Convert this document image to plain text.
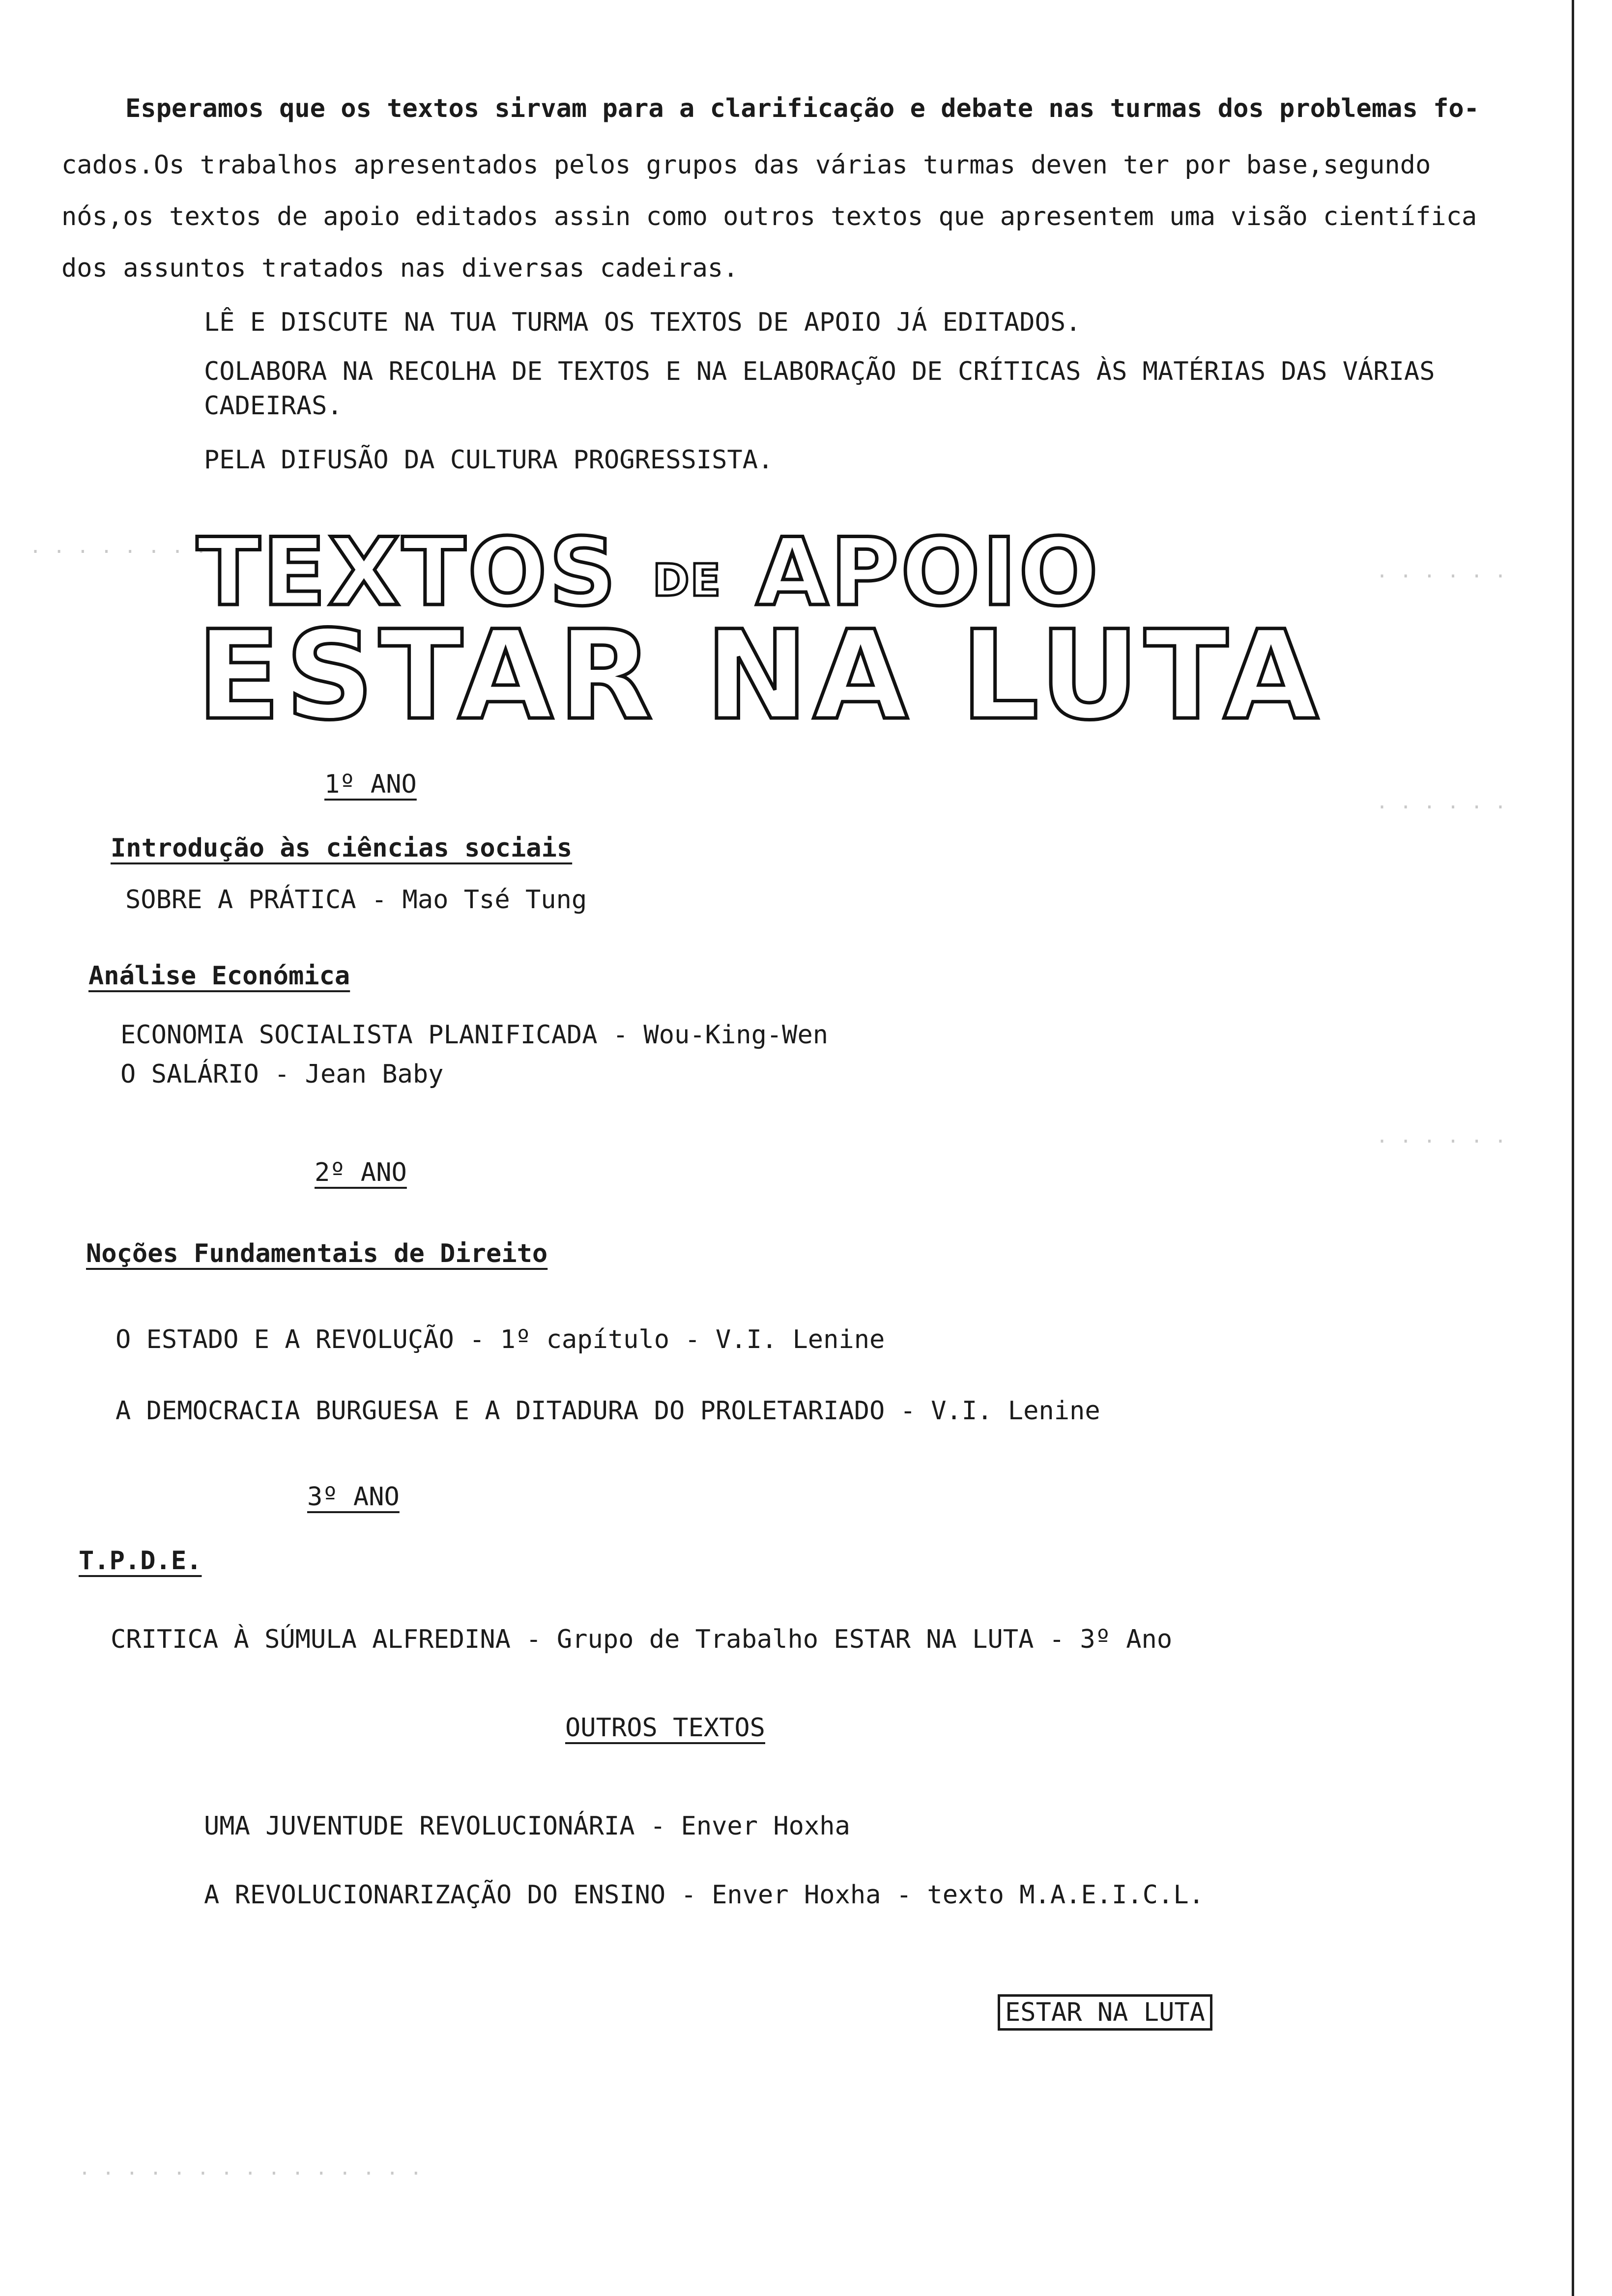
· · · · · · · · ·
· · · · · ·
· · · · · ·
· · · · · ·
· · · · · · · · · · · · · · ·
Esperamos que os textos sirvam para a clarificação e debate nas turmas dos problemas fo-
cados.Os trabalhos apresentados pelos grupos das várias turmas deven ter por base,segundo
nós,os textos de apoio editados assin como outros textos que apresentem uma visão científica
dos assuntos tratados nas diversas cadeiras.
LÊ E DISCUTE NA TUA TURMA OS TEXTOS DE APOIO JÁ EDITADOS.
COLABORA NA RECOLHA DE TEXTOS E NA ELABORAÇÃO DE CRÍTICAS ÀS MATÉRIAS DAS VÁRIAS
CADEIRAS.
PELA DIFUSÃO DA CULTURA PROGRESSISTA.
TEXTOS DE APOIO
ESTAR NA LUTA
1º ANO
Introdução às ciências sociais
SOBRE A PRÁTICA - Mao Tsé Tung
Análise Económica
ECONOMIA SOCIALISTA PLANIFICADA - Wou-King-Wen
O SALÁRIO - Jean Baby
2º ANO
Noções Fundamentais de Direito
O ESTADO E A REVOLUÇÃO - 1º capítulo - V.I. Lenine
A DEMOCRACIA BURGUESA E A DITADURA DO PROLETARIADO - V.I. Lenine
3º ANO
T.P.D.E.
CRITICA À SÚMULA ALFREDINA - Grupo de Trabalho ESTAR NA LUTA - 3º Ano
OUTROS TEXTOS
UMA JUVENTUDE REVOLUCIONÁRIA - Enver Hoxha
A REVOLUCIONARIZAÇÃO DO ENSINO - Enver Hoxha - texto M.A.E.I.C.L.
ESTAR NA LUTA
